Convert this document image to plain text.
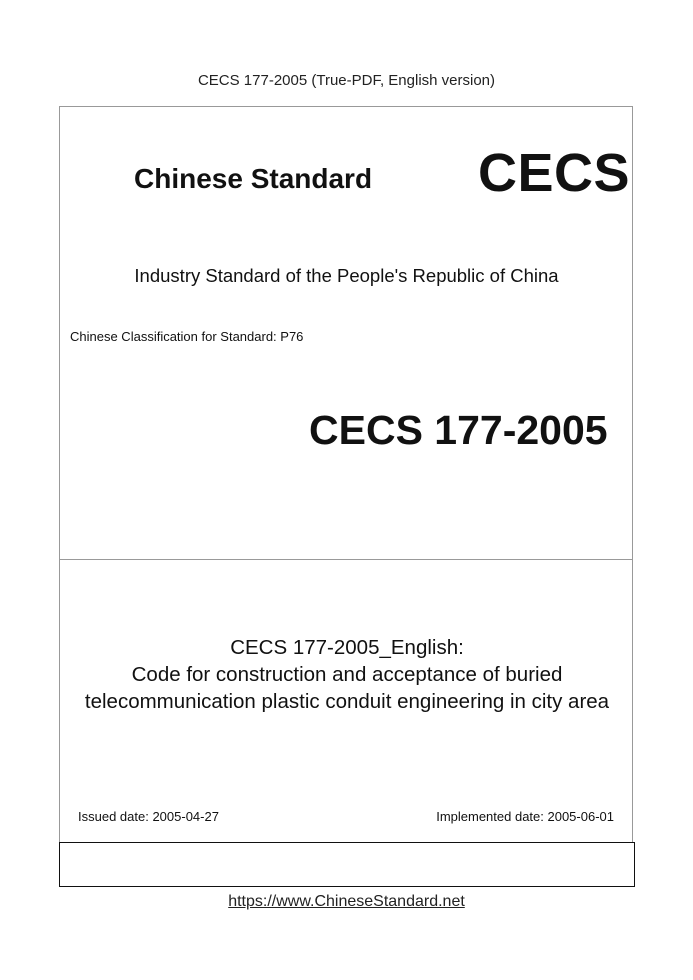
CECS 177-2005 (True-PDF, English version)
Chinese Standard CECS
Industry Standard of the People's Republic of China
Chinese Classification for Standard: P76
CECS 177-2005
CECS 177-2005_English:
Code for construction and acceptance of buried
telecommunication plastic conduit engineering in city area
Issued date: 2005-04-27	Implemented date: 2005-06-01
https://www.ChineseStandard.net
